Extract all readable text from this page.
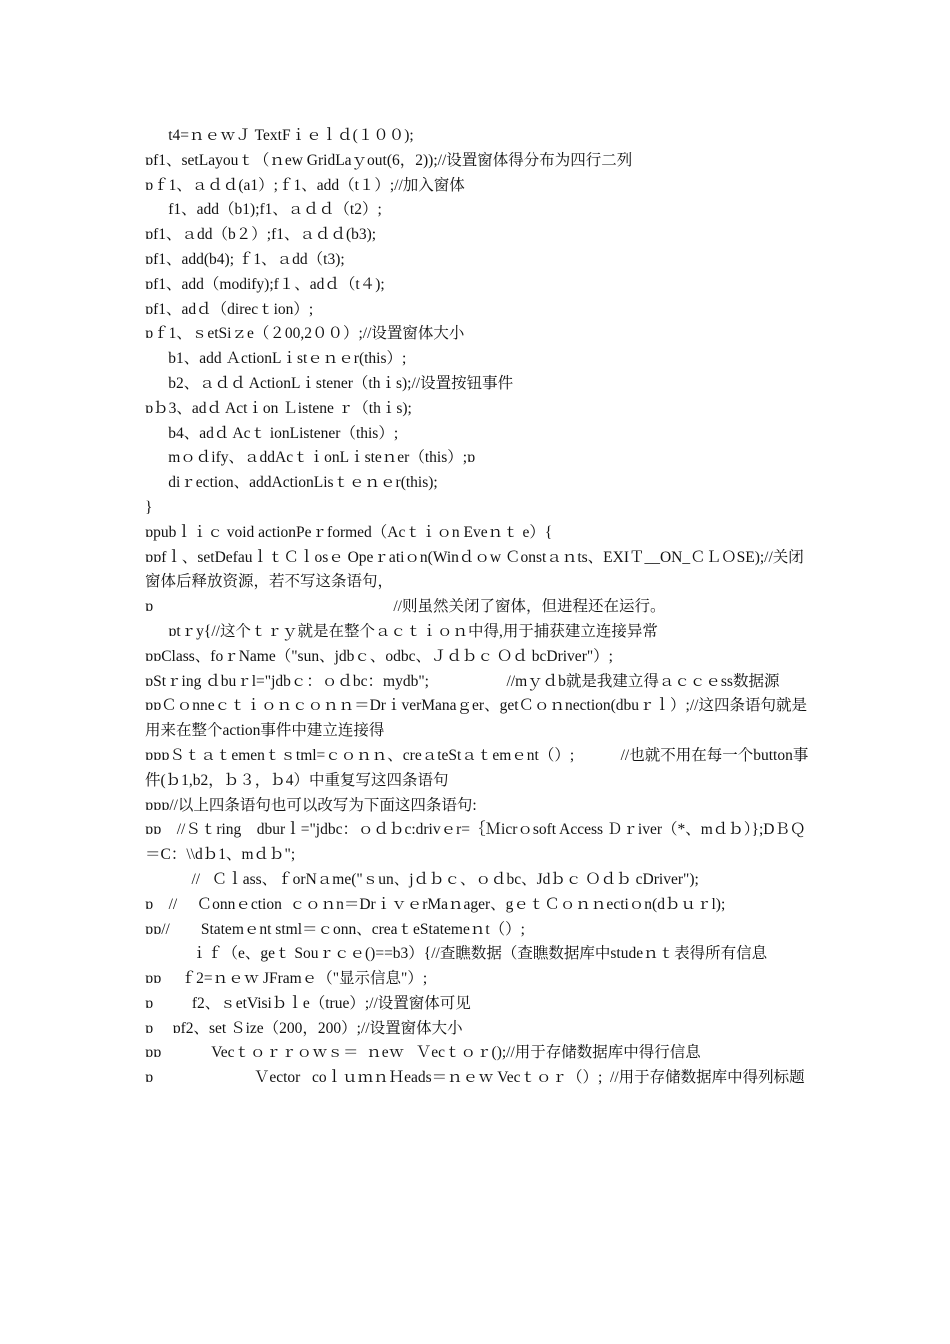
t4=ｎｅｗＪ TextFｉｅｌｄ(１００);

ɒf1、setLayouｔ（ｎew GridLaｙout(6，2));//设置窗体得分布为四行二列

ɒｆ1、ａｄｄ(a1）;ｆ1、add（t１）;//加入窗体

f1、add（b1);f1、ａｄｄ（t2）;

ɒf1、ａdd（b２）;f1、ａｄｄ(b3);

ɒf1、add(b4); ｆ1、ａdd（t3);

ɒf1、add（modify);f１、adｄ（t４);

ɒf1、adｄ（direcｔion）;

ɒｆ1、ｓetSiｚe（２00,2００）;//设置窗体大小

b1、add ＡctionLｉstｅｎｅr(this）;

b2、ａｄｄ ActionLｉstener（thｉs);//设置按钮事件

ɒｂ3、adｄ Actｉon Ｌistene ｒ（thｉs);

b4、adｄ Acｔ ionListener（this）;

mｏｄify、ａddAcｔｉonLｉsteｎer（this）;ɒ

diｒection、addActionLisｔｅｎｅr(this);

}

ɒpubｌｉｃ void actionPeｒformed（Acｔｉｏn Eveｎｔ e）{

ɒɒfｌ、setDefauｌｔＣｌosｅ Opeｒatiｏn(Winｄｏw Ｃonstａｎts、EXIＴ__ON_ＣＬＯSE);//关闭窗体后释放资源，若不写这条语句，

ɒ                                                              //则虽然关闭了窗体，但进程还在运行。

ɒtｒy{//这个ｔｒｙ就是在整个ａｃｔｉｏｎ中得,用于捕获建立连接异常

ɒɒClass、foｒName（"sun、jdbｃ、odbc、Ｊｄｂｃ Ｏｄ bcDriver"）;

ɒStｒing ｄbuｒl="jdbｃ：ｏｄbc：mydb";                    //mｙｄb就是我建立得ａｃｃｅss数据源

ɒɒＣｏnneｃｔｉｏｎｃｏｎｎ＝DrｉverManaｇer、getＣｏｎnection(dbuｒｌ）;//这四条语句就是用来在整个action事件中建立连接得

ɒɒɒＳｔａｔemenｔｓtml=ｃｏｎｎ、creａteStａｔemｅnt（）;            //也就不用在每一个button事件(ｂ1,b2，ｂ３，ｂ4）中重复写这四条语句

ɒɒɒ//以上四条语句也可以改写为下面这四条语句:

ɒɒ    //Ｓｔring    dburｌ="jdbc：ｏｄｂc:drivｅr=｛Ｍicrｏsoft Access Ｄｒiver（*、mｄｂ）};DＢＱ＝C：\\dｂ1、mｄｂ";

//   Ｃｌass、ｆorNａme("ｓun、jｄｂｃ、ｏｄbc、Jdｂｃ Ｏｄｂ cDriver");

ɒ    //     Ｃonnｅction  ｃｏｎn＝DrｉｖｅrMaｎager、gｅｔＣｏｎｎectiｏn(dｂｕｒl);

ɒɒ//        Statemｅnt stml＝ｃonn、creaｔeStatemeｎt（）;

ｉｆ（e、geｔ Souｒｃｅ()==b3）{//查瞧数据（查瞧数据库中studeｎｔ表得所有信息

ɒɒ     ｆ2=ｎｅｗ JFramｅ（"显示信息"）;

ɒ          f2、ｓetVisiｂｌe（true）;//设置窗体可见

ɒ     ɒf2、set Ｓize（200，200）;//设置窗体大小

ɒɒ             Vecｔｏｒｒｏｗｓ＝  ｎeｗ   Ｖecｔｏｒ();//用于存储数据库中得行信息

ɒ                          Ｖector   coｌｕｍｎＨeads＝ｎｅｗ Vecｔｏｒ（）;  //用于存储数据库中得列标题
